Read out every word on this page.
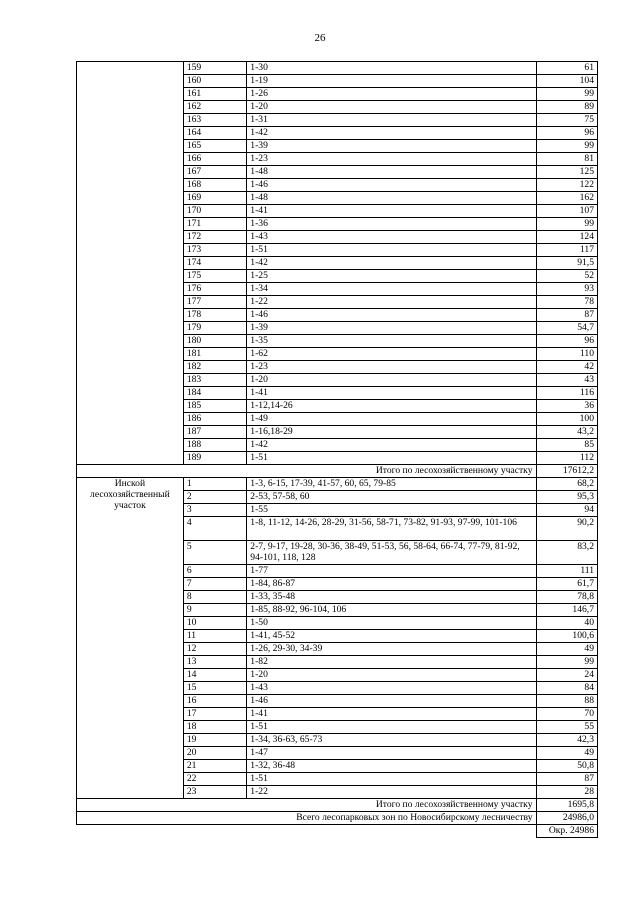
26
	159	1-30	61
	160	1-19	104
	161	1-26	99
	162	1-20	89
	163	1-31	75
	164	1-42	96
	165	1-39	99
	166	1-23	81
	167	1-48	125
	168	1-46	122
	169	1-48	162
	170	1-41	107
	171	1-36	99
	172	1-43	124
	173	1-51	117
	174	1-42	91,5
	175	1-25	52
	176	1-34	93
	177	1-22	78
	178	1-46	87
	179	1-39	54,7
	180	1-35	96
	181	1-62	110
	182	1-23	42
	183	1-20	43
	184	1-41	116
	185	1-12,14-26	36
	186	1-49	100
	187	1-16,18-29	43,2
	188	1-42	85
	189	1-51	112
Итого по лесохозяйственному участку			17612,2
Инской лесохозяйственный участок	1	1-3, 6-15, 17-39, 41-57, 60, 65, 79-85	68,2
	2	2-53, 57-58, 60	95,3
	3	1-55	94
	4	1-8, 11-12, 14-26, 28-29, 31-56, 58-71, 73-82, 91-93, 97-99, 101-106	90,2
	5	2-7, 9-17, 19-28, 30-36, 38-49, 51-53, 56, 58-64, 66-74, 77-79, 81-92, 94-101, 118, 128	83,2
	6	1-77	111
	7	1-84, 86-87	61,7
	8	1-33, 35-48	78,8
	9	1-85, 88-92, 96-104, 106	146,7
	10	1-50	40
	11	1-41, 45-52	100,6
	12	1-26, 29-30, 34-39	49
	13	1-82	99
	14	1-20	24
	15	1-43	84
	16	1-46	88
	17	1-41	70
	18	1-51	55
	19	1-34, 36-63, 65-73	42,3
	20	1-47	49
	21	1-32, 36-48	50,8
	22	1-51	87
	23	1-22	28
Итого по лесохозяйственному участку			1695,8
Всего лесопарковых зон по Новосибирскому лесничеству			24986,0
			Окр. 24986
